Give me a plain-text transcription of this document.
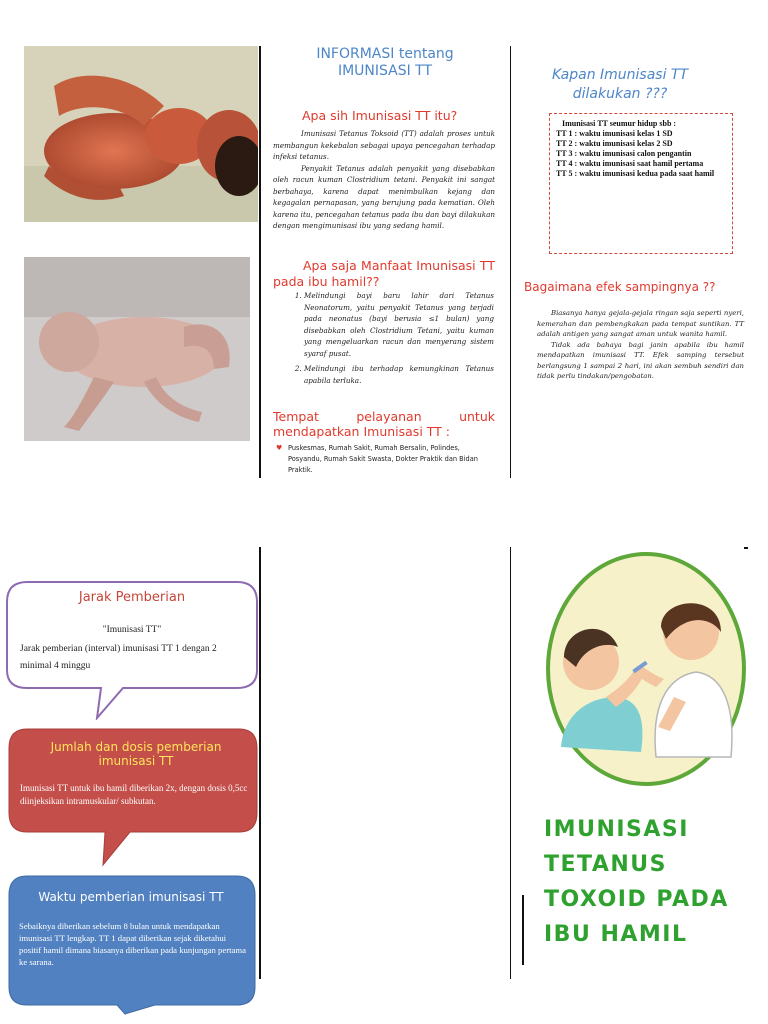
INFORMASI tentang
IMUNISASI TT
Apa sih Imunisasi TT itu?
Imunisasi Tetanus Toksoid (TT) adalah proses untuk membangun kekebalan sebagai upaya pencegahan terhadap infeksi tetanus.
Penyakit Tetanus adalah penyakit yang disebabkan oleh racun kuman Clostridium tetani. Penyakit ini sangat berbahaya, karena dapat menimbulkan kejang dan kegagalan pernapasan, yang berujung pada kematian. Oleh karena itu, pencegahan tetanus pada ibu dan bayi dilakukan dengan mengimunisasi ibu yang sedang hamil.
Apa saja Manfaat Imunisasi TT pada ibu hamil??
1. Melindungi bayi baru lahir dari Tetanus Neonatorum, yaitu penyakit Tetanus yang terjadi pada neonatus (bayi berusia ≤1 bulan) yang disebabkan oleh Clostridium Tetani, yaitu kuman yang mengeluarkan racun dan menyerang sistem syaraf pusat.
2. Melindungi ibu terhadap kemungkinan Tetanus apabila terluka.
Tempat pelayanan untuk mendapatkan Imunisasi TT :
♥ Puskesmas, Rumah Sakit, Rumah Bersalin, Polindes, Posyandu, Rumah Sakit Swasta, Dokter Praktik dan Bidan Praktik.
Kapan Imunisasi TT dilakukan ???
Imunisasi TT seumur hidup sbb :
TT 1 : waktu imunisasi kelas 1 SD
TT 2 : waktu imunisasi kelas 2 SD
TT 3 : waktu imunisasi calon pengantin
TT 4 : waktu imunisasi saat hamil pertama
TT 5 : waktu imunisasi kedua pada saat hamil
Bagaimana efek sampingnya ??
Biasanya hanya gejala-gejala ringan saja seperti nyeri, kemerahan dan pembengkakan pada tempat suntikan. TT adalah antigen yang sangat aman untuk wanita hamil.
Tidak ada bahaya bagi janin apabila ibu hamil mendapatkan imunisasi TT. Efek samping tersebut berlangsung 1 sampai 2 hari, ini akan sembuh sendiri dan tidak perlu tindakan/pengobatan.
Jarak Pemberian
"Imunisasi TT"
Jarak pemberian (interval) imunisasi TT 1 dengan 2 minimal 4 minggu
Jumlah dan dosis pemberian imunisasi TT
Imunisasi TT untuk ibu hamil diberikan 2x, dengan dosis 0,5cc diinjeksikan intramuskular/ subkutan.
Waktu pemberian imunisasi TT
Sebaiknya diberikan sebelum 8 bulan untuk mendapatkan imunisasi TT lengkap. TT 1 dapat diberikan sejak diketahui positif hamil dimana biasanya diberikan pada kunjungan pertama ke sarana.
IMUNISASI
TETANUS
TOXOID PADA
IBU HAMIL
